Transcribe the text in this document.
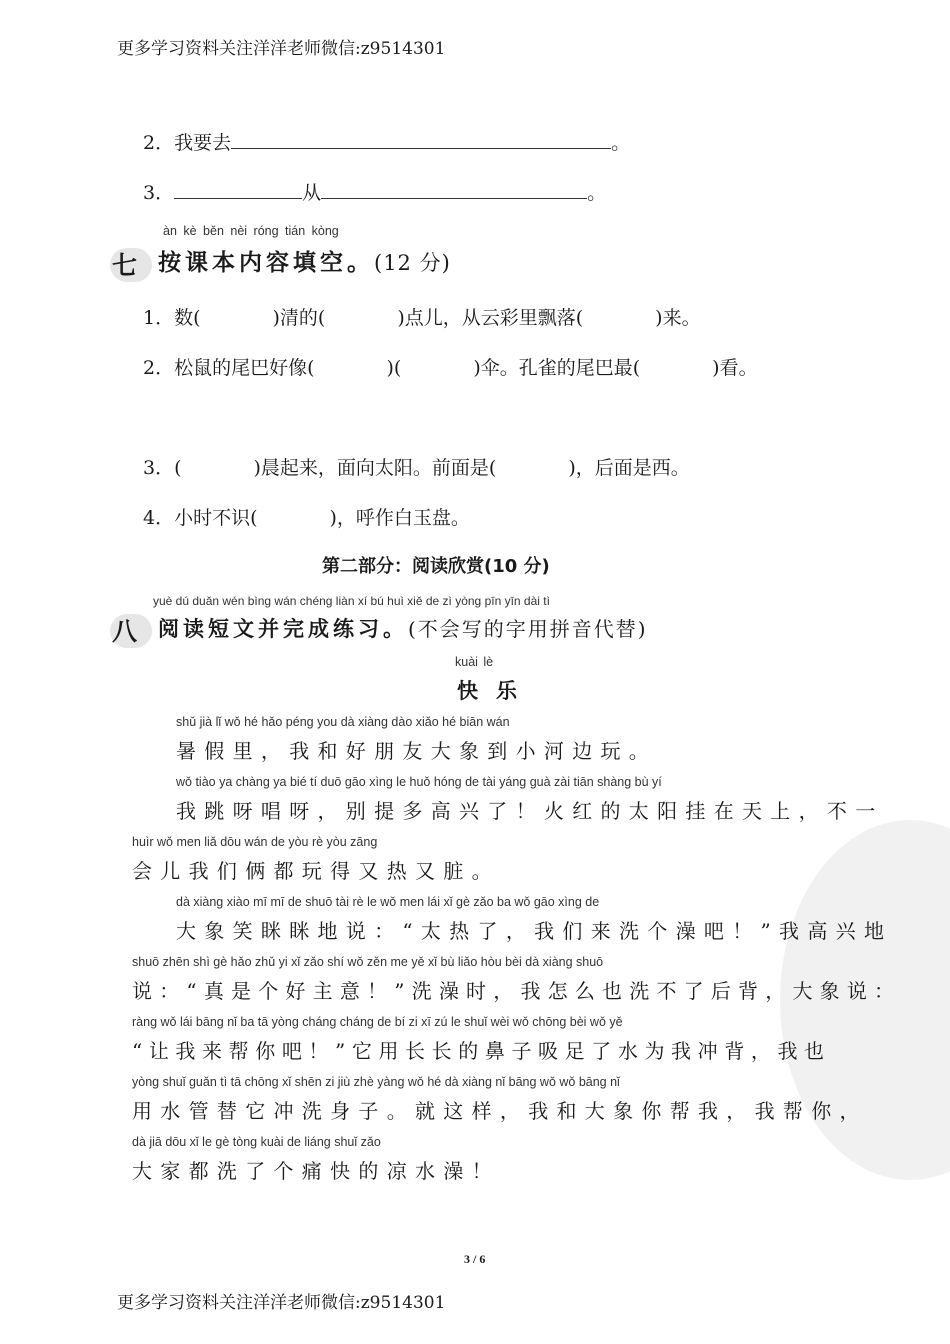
更多学习资料关注洋洋老师微信:z9514301
2．我要去	。
3．	从	。
àn kè běn nèi róng tián kòng
七 按课本内容填空。(12 分)
1．数(	)清的(	)点儿，从云彩里飘落(	)来。
2．松鼠的尾巴好像(	)(	)伞。孔雀的尾巴最(	)看。
3．(	)晨起来，面向太阳。前面是(	)，后面是西。
4．小时不识(	)，呼作白玉盘。
第二部分：阅读欣赏(10 分)
yuè dú duǎn wén bìng wán chéng liàn xí bú huì xiě de zì yòng pīn yīn dài tì
八 阅读短文并完成练习。(不会写的字用拼音代替)
kuài lè
快乐
shǔ jià lǐ wǒ hé hǎo péng you dà xiàng dào xiǎo hé biān wán
暑假里，我和好朋友大象到小河边玩。
wǒ tiào ya chàng ya bié tí duō gāo xìng le huǒ hóng de tài yáng guà zài tiān shàng bù yí
我跳呀唱呀，别提多高兴了！火红的太阳挂在天上，不一
huìr wǒ men liǎ dōu wán de yòu rè yòu zāng
会儿我们俩都玩得又热又脏。
dà xiàng xiào mī mī de shuō tài rè le wǒ men lái xǐ gè zǎo ba wǒ gāo xìng de
大象笑眯眯地说：“太热了，我们来洗个澡吧！”我高兴地
shuō zhēn shì gè hǎo zhǔ yi xǐ zǎo shí wǒ zěn me yě xǐ bù liǎo hòu bèi dà xiàng shuō
说：“真是个好主意！”洗澡时，我怎么也洗不了后背，大象说：
ràng wǒ lái bāng nǐ ba tā yòng cháng cháng de bí zi xī zú le shuǐ wèi wǒ chōng bèi wǒ yě
“让我来帮你吧！”它用长长的鼻子吸足了水为我冲背，我也
yòng shuǐ guǎn tì tā chōng xǐ shēn zi jiù zhè yàng wǒ hé dà xiàng nǐ bāng wǒ wǒ bāng nǐ
用水管替它冲洗身子。就这样，我和大象你帮我，我帮你，
dà jiā dōu xǐ le gè tòng kuài de liáng shuǐ zǎo
大家都洗了个痛快的凉水澡！
3 / 6
更多学习资料关注洋洋老师微信:z9514301
